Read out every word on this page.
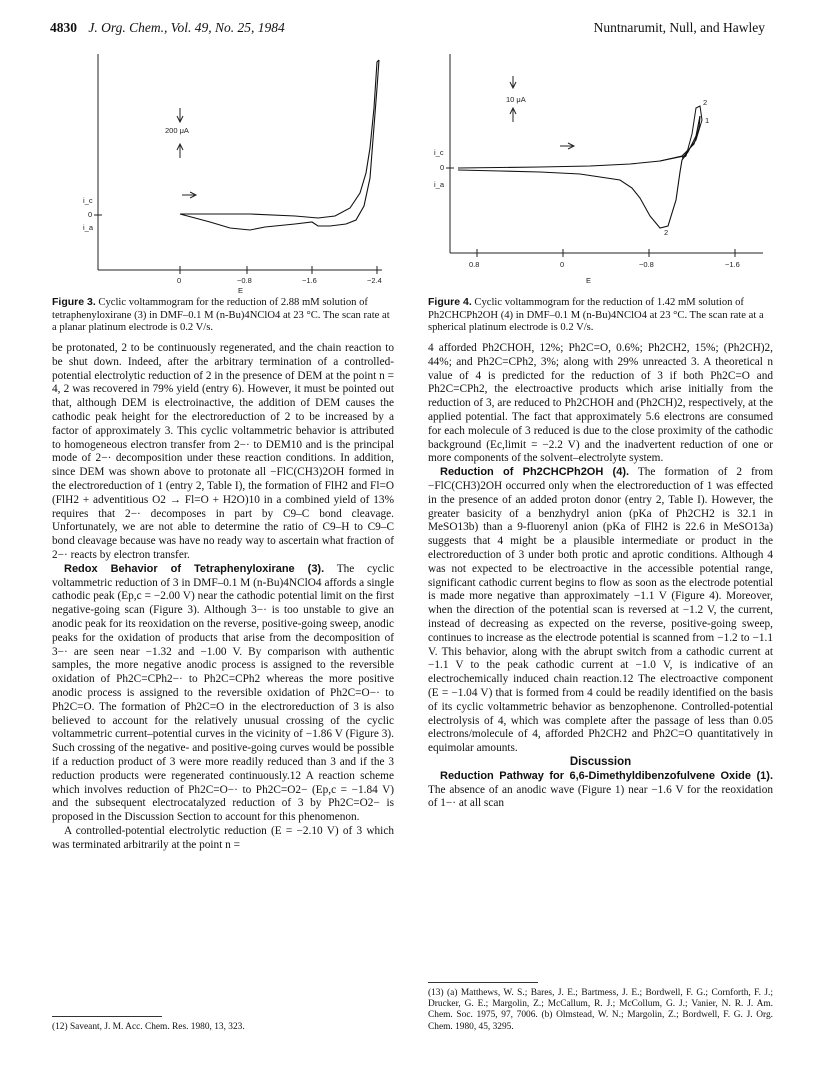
4830 J. Org. Chem., Vol. 49, No. 25, 1984	Nuntnarumit, Null, and Hawley
200 μA
i_c
i_a
0
0	−0.8	−1.6	−2.4
E
Figure 3. Cyclic voltammogram for the reduction of 2.88 mM solution of tetraphenyloxirane (3) in DMF–0.1 M (n-Bu)4NClO4 at 23 °C. The scan rate at a planar platinum electrode is 0.2 V/s.
10 μA
i_c
i_a
0
1
2
2
0.8	0	−0.8	−1.6
E
Figure 4. Cyclic voltammogram for the reduction of 1.42 mM solution of Ph2CHCPh2OH (4) in DMF–0.1 M (n-Bu)4NClO4 at 23 °C. The scan rate at a spherical platinum electrode is 0.2 V/s.

be protonated, 2 to be continuously regenerated, and the chain reaction to be shut down. Indeed, after the arbitrary termination of a controlled-potential electrolytic reduction of 2 in the presence of DEM at the point n = 4, 2 was recovered in 79% yield (entry 6). However, it must be pointed out that, although DEM is electroinactive, the addition of DEM causes the cathodic peak height for the electroreduction of 2 to be increased by a factor of approximately 3. This cyclic voltammetric behavior is attributed to homogeneous electron transfer from 2−· to DEM10 and is the principal mode of 2−· decomposition under these reaction conditions. In addition, since DEM was shown above to protonate all −FlC(CH3)2OH formed in the electroreduction of 1 (entry 2, Table I), the formation of FlH2 and Fl=O (FlH2 + adventitious O2 → Fl=O + H2O)10 in a combined yield of 13% requires that 2−· decomposes in part by C9–C bond cleavage. Unfortunately, we are not able to determine the ratio of C9–H to C9–C bond cleavage because was have no ready way to ascertain what fraction of 2−· reacts by electron transfer.

Redox Behavior of Tetraphenyloxirane (3). The cyclic voltammetric reduction of 3 in DMF–0.1 M (n-Bu)4NClO4 affords a single cathodic peak (Ep,c = −2.00 V) near the cathodic potential limit on the first negative-going scan (Figure 3). Although 3−· is too unstable to give an anodic peak for its reoxidation on the reverse, positive-going sweep, anodic peaks for the oxidation of products that arise from the decomposition of 3−· are seen near −1.32 and −1.00 V. By comparison with authentic samples, the more negative anodic process is assigned to the reversible oxidation of Ph2C=CPh2−· to Ph2C=CPh2 whereas the more positive anodic process is assigned to the reversible oxidation of Ph2C=O−· to Ph2C=O. The formation of Ph2C=O in the electroreduction of 3 is also believed to account for the relatively unusual crossing of the cyclic voltammetric current–potential curves in the vicinity of −1.86 V (Figure 3). Such crossing of the negative- and positive-going curves would be possible if a reduction product of 3 were more readily reduced than 3 and if the 3 reduction products were regenerated continuously.12 A reaction scheme which involves reduction of Ph2C=O−· to Ph2C=O2− (Ep,c = −1.84 V) and the subsequent electrocatalyzed reduction of 3 by Ph2C=O2− is proposed in the Discussion Section to account for this phenomenon.

A controlled-potential electrolytic reduction (E = −2.10 V) of 3 which was terminated arbitrarily at the point n =

(12) Saveant, J. M. Acc. Chem. Res. 1980, 13, 323.

4 afforded Ph2CHOH, 12%; Ph2C=O, 0.6%; Ph2CH2, 15%; (Ph2CH)2, 44%; and Ph2C=CPh2, 3%; along with 29% unreacted 3. A theoretical n value of 4 is predicted for the reduction of 3 if both Ph2C=O and Ph2C=CPh2, the electroactive products which arise initially from the reduction of 3, are reduced to Ph2CHOH and (Ph2CH)2, respectively, at the applied potential. The fact that approximately 5.6 electrons are consumed for each molecule of 3 reduced is due to the close proximity of the cathodic background (Ec,limit = −2.2 V) and the inadvertent reduction of one or more components of the solvent–electrolyte system.

Reduction of Ph2CHCPh2OH (4). The formation of 2 from −FlC(CH3)2OH occurred only when the electroreduction of 1 was effected in the presence of an added proton donor (entry 2, Table I). However, the greater basicity of a benzhydryl anion (pKa of Ph2CH2 is 32.1 in MeSO13b) than a 9-fluorenyl anion (pKa of FlH2 is 22.6 in MeSO13a) suggests that 4 might be a plausible intermediate or product in the electroreduction of 3 under both protic and aprotic conditions. Although 4 was not expected to be electroactive in the accessible potential range, significant cathodic current begins to flow as soon as the electrode potential is made more negative than approximately −1.1 V (Figure 4). Moreover, when the direction of the potential scan is reversed at −1.2 V, the current, instead of decreasing as expected on the reverse, positive-going sweep, continues to increase as the electrode potential is scanned from −1.2 to −1.1 V. This behavior, along with the abrupt switch from a cathodic current at −1.1 V to the peak cathodic current at −1.0 V, is indicative of an electrochemically induced chain reaction.12 The electroactive component (E = −1.04 V) that is formed from 4 could be readily identified on the basis of its cyclic voltammetric behavior as benzophenone. Controlled-potential electrolysis of 4, which was complete after the passage of less than 0.05 electrons/molecule of 4, afforded Ph2CH2 and Ph2C=O quantitatively in equimolar amounts.

Discussion

Reduction Pathway for 6,6-Dimethyldibenzofulvene Oxide (1). The absence of an anodic wave (Figure 1) near −1.6 V for the reoxidation of 1−· at all scan

(13) (a) Matthews, W. S.; Bares, J. E.; Bartmess, J. E.; Bordwell, F. G.; Cornforth, F. J.; Drucker, G. E.; Margolin, Z.; McCallum, R. J.; McCollum, G. J.; Vanier, N. R. J. Am. Chem. Soc. 1975, 97, 7006. (b) Olmstead, W. N.; Margolin, Z.; Bordwell, F. G. J. Org. Chem. 1980, 45, 3295.
